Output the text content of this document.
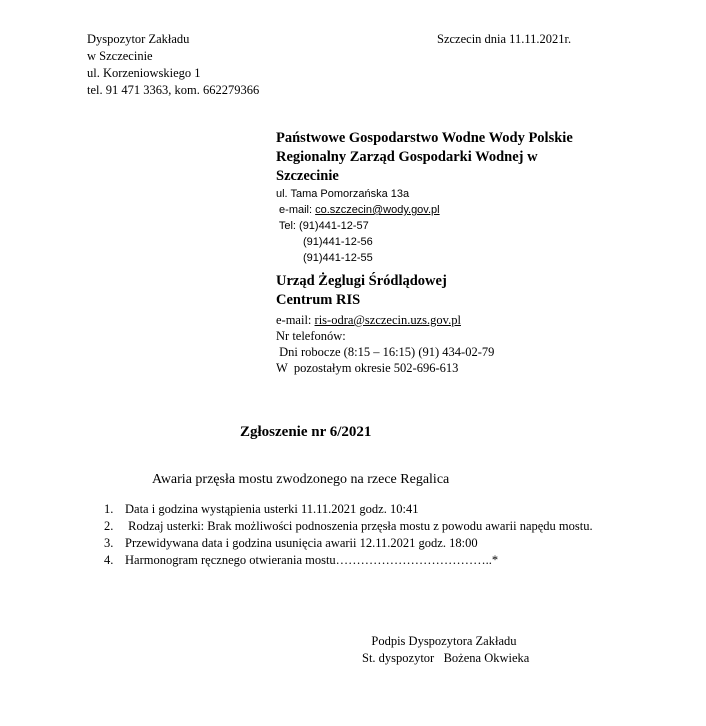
Dyspozytor Zakładu
w Szczecinie
ul. Korzeniowskiego 1
tel. 91 471 3363, kom. 662279366
Szczecin dnia 11.11.2021r.
Państwowe Gospodarstwo Wodne Wody Polskie
Regionalny Zarząd Gospodarki Wodnej w
Szczecinie
ul. Tama Pomorzańska 13a
e-mail: co.szczecin@wody.gov.pl
Tel: (91)441-12-57
(91)441-12-56
(91)441-12-55
Urząd Żeglugi Śródlądowej
Centrum RIS
e-mail: ris-odra@szczecin.uzs.gov.pl
Nr telefonów:
Dni robocze (8:15 – 16:15) (91) 434-02-79
W  pozostałym okresie 502-696-613
Zgłoszenie nr 6/2021
Awaria przęsła mostu zwodzonego na rzece Regalica
1. Data i godzina wystąpienia usterki 11.11.2021 godz. 10:41
2. Rodzaj usterki: Brak możliwości podnoszenia przęsła mostu z powodu awarii napędu mostu.
3. Przewidywana data i godzina usunięcia awarii 12.11.2021 godz. 18:00
4. Harmonogram ręcznego otwierania mostu………………………………..*
Podpis Dyspozytora Zakładu
St. dyspozytor   Bożena Okwieka
